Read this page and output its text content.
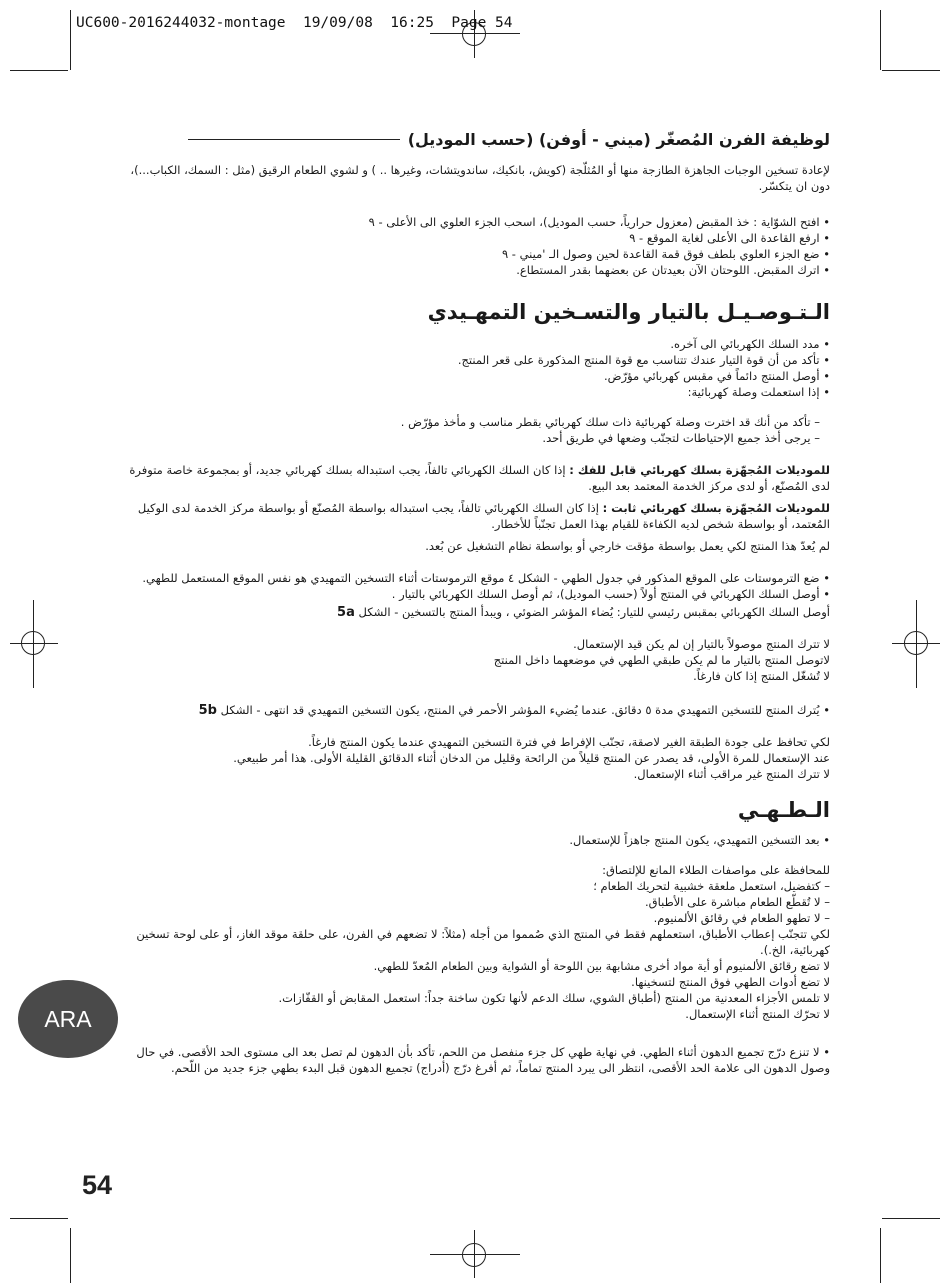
UC600-2016244032-montage  19/09/08  16:25  Page 54
لوظيفة الفرن المُصغّر (ميني - أوفن) (حسب الموديل)

لإعادة تسخين الوجبات الجاهزة الطازجة منها أو المُثلّجة (كويش، بانكيك، ساندويتشات، وغيرها .. ) و لشوي الطعام الرقيق (مثل : السمك، الكباب...)، دون ان يتكسّر.

• افتح الشوّاية : خذ المقبض (معزول حرارياً، حسب الموديل)، اسحب الجزء العلوي الى الأعلى - ٩
• ارفع القاعدة الى الأعلى لغاية الموقع - ٩
• ضع الجزء العلوي بلطف فوق قمة القاعدة لحين وصول الـ 'ميني - ٩
• اترك المقبض. اللوحتان الآن بعيدتان عن بعضهما بقدر المستطاع.
الـتـوصـيـل بالتيار والتسـخين التمهـيدي
• مدد السلك الكهربائي الى آخره.
• تأكد من أن قوة التيار عندك تتناسب مع قوة المنتج المذكورة على قعر المنتج.
• أوصل المنتج دائماً في مقبس كهربائي مؤرّض.
• إذا استعملت وصلة كهربائية:
– تأكد من أنك قد اخترت وصلة كهربائية ذات سلك كهربائي بقطر مناسب و مأخذ مؤرّض .
– يرجى أخذ جميع الإحتياطات لتجنّب وضعها في طريق أحد.

للموديلات المُجهّزة بسلك كهربائي قابل للفك : إذا كان السلك الكهربائي تالفاً، يجب استبداله بسلك كهربائي جديد، أو بمجموعة خاصة متوفرة لدى المُصنّع، أو لدى مركز الخدمة المعتمد بعد البيع.

للموديلات المُجهّزة بسلك كهربائي ثابت : إذا كان السلك الكهربائي تالفاً، يجب استبداله بواسطة المُصنّع أو بواسطة مركز الخدمة لدى الوكيل المُعتمد، أو بواسطة شخص لديه الكفاءة للقيام بهذا العمل تجنّباً للأخطار.

لم يُعدّ هذا المنتج لكي يعمل بواسطة مؤقت خارجي أو بواسطة نظام التشغيل عن بُعد.

• ضع الترموستات على الموقع المذكور في جدول الطهي - الشكل ٤ موقع الترموستات أثناء التسخين التمهيدي هو نفس الموقع المستعمل للطهي.
• أوصل السلك الكهربائي في المنتج أولاً (حسب الموديل)، ثم أوصل السلك الكهربائي بالتيار .

أوصل السلك الكهربائي بمقبس رئيسي للتيار: يُضاء المؤشر الضوئي ، ويبدأ المنتج بالتسخين - الشكل 5a

لا تترك المنتج موصولاً بالتيار إن لم يكن قيد الإستعمال.
لاتوصل المنتج بالتيار ما لم يكن طبقي الطهي في موضعهما داخل المنتج
لا تُشغّل المنتج إذا كان فارغاً.

• يُترك المنتج للتسخين التمهيدي مدة ٥ دقائق. عندما يُضيء المؤشر الأحمر في المنتج، يكون التسخين التمهيدي قد انتهى - الشكل 5b

لكي تحافظ على جودة الطبقة الغير لاصقة، تجنّب الإفراط في فترة التسخين التمهيدي عندما يكون المنتج فارغاً.
عند الإستعمال للمرة الأولى، قد يصدر عن المنتج قليلاً من الرائحة وقليل من الدخان أثناء الدقائق القليلة الأولى. هذا أمر طبيعي.
لا تترك المنتج غير مراقب أثناء الإستعمال.
الـطـهـي
• بعد التسخين التمهيدي، يكون المنتج جاهزاً للإستعمال.
للمحافظة على مواصفات الطلاء المانع للإلتصاق:
– كتفضيل، استعمل ملعقة خشبية لتحريك الطعام ؛
– لا تُقطّع الطعام مباشرة على الأطباق.
– لا تطهو الطعام في رقائق الألمنيوم.
لكي تتجنّب إعطاب الأطباق، استعملهم فقط في المنتج الذي صُمموا من أجله (مثلاً: لا تضعهم في الفرن، على حلقة موقد الغاز، أو على لوحة تسخين كهربائية، الخ.).
لا تضع رقائق الألمنيوم أو أية مواد أخرى مشابهة بين اللوحة أو الشواية وبين الطعام المُعدّ للطهي.
لا تضع أدوات الطهي فوق المنتج لتسخينها.
لا تلمس الأجزاء المعدنية من المنتج (أطباق الشوي، سلك الدعم لأنها تكون ساخنة جداً: استعمل المقابض أو القفّازات.
لا تحرّك المنتج أثناء الإستعمال.

• لا تنزع درّج تجميع الدهون أثناء الطهي. في نهاية طهي كل جزء منفصل من اللحم، تأكد بأن الدهون لم تصل بعد الى مستوى الحد الأقصى. في حال وصول الدهون الى علامة الحد الأقصى، انتظر الى يبرد المنتج تماماً، ثم أفرغ درّج (أدراج) تجميع الدهون قبل البدء بطهي جزء جديد من اللّحم.

ARA
54
